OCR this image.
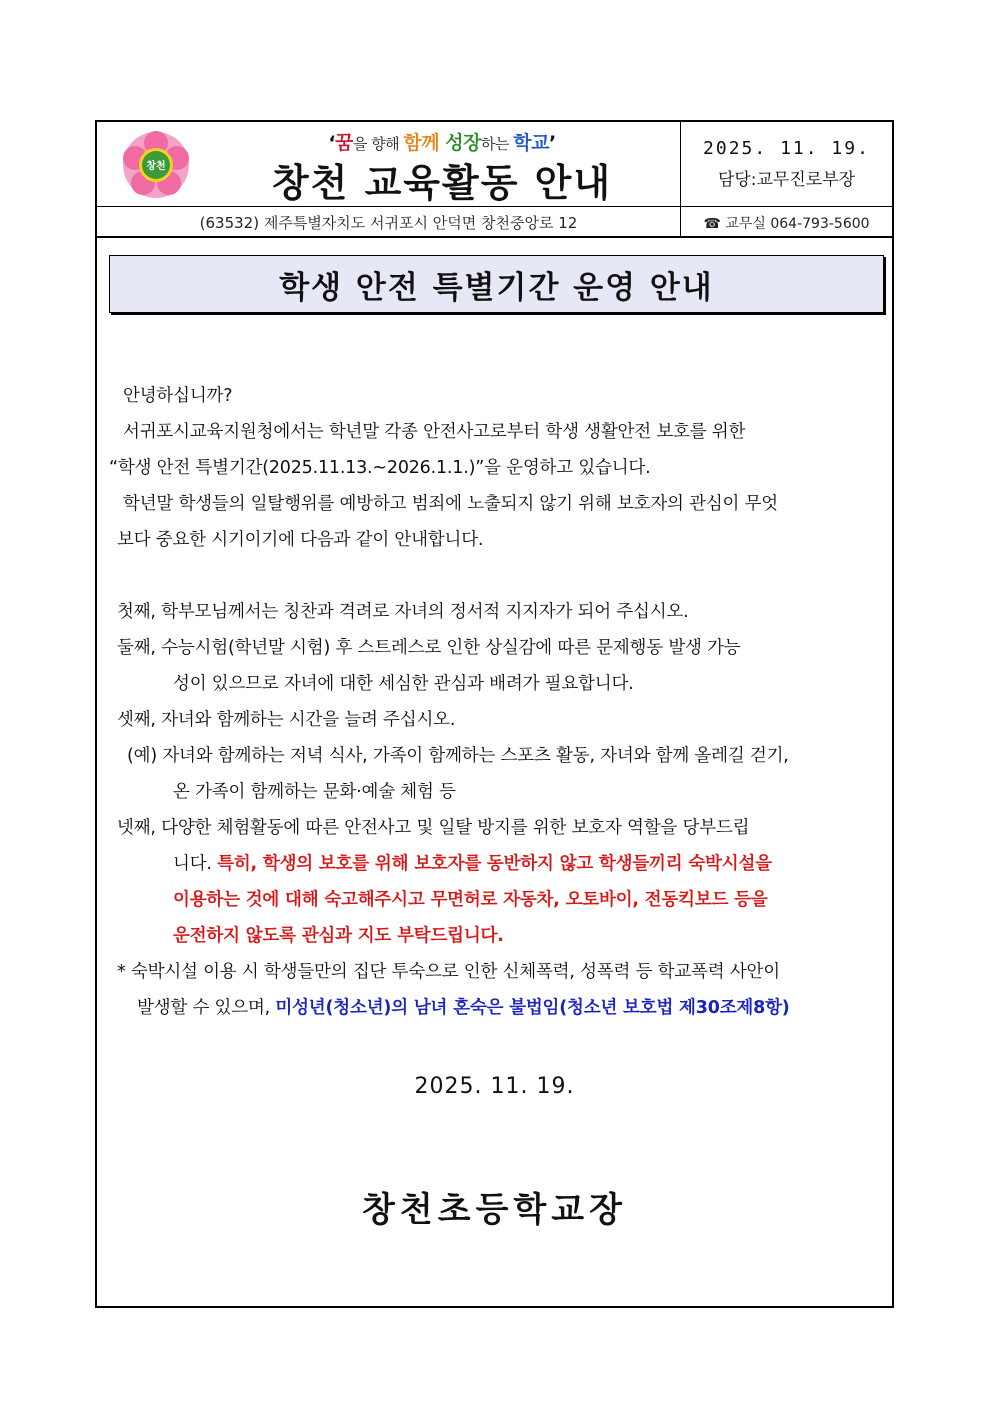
창천
‘꿈을 향해 함께 성장하는 학교’
창천 교육활동 안내
2025. 11. 19.
담당:교무진로부장
(63532) 제주특별자치도 서귀포시 안덕면 창천중앙로 12	☎ 교무실 064-793-5600
학생 안전 특별기간 운영 안내
안녕하십니까?
서귀포시교육지원청에서는 학년말 각종 안전사고로부터 학생 생활안전 보호를 위한
“학생 안전 특별기간(2025.11.13.~2026.1.1.)”을 운영하고 있습니다.
학년말 학생들의 일탈행위를 예방하고 범죄에 노출되지 않기 위해 보호자의 관심이 무엇
보다 중요한 시기이기에 다음과 같이 안내합니다.
첫째, 학부모님께서는 칭찬과 격려로 자녀의 정서적 지지자가 되어 주십시오.
둘째, 수능시험(학년말 시험) 후 스트레스로 인한 상실감에 따른 문제행동 발생 가능
성이 있으므로 자녀에 대한 세심한 관심과 배려가 필요합니다.
셋째, 자녀와 함께하는 시간을 늘려 주십시오.
(예) 자녀와 함께하는 저녁 식사, 가족이 함께하는 스포츠 활동, 자녀와 함께 올레길 걷기,
온 가족이 함께하는 문화·예술 체험 등
넷째, 다양한 체험활동에 따른 안전사고 및 일탈 방지를 위한 보호자 역할을 당부드립
니다. 특히, 학생의 보호를 위해 보호자를 동반하지 않고 학생들끼리 숙박시설을
이용하는 것에 대해 숙고해주시고 무면허로 자동차, 오토바이, 전동킥보드 등을
운전하지 않도록 관심과 지도 부탁드립니다.
* 숙박시설 이용 시 학생들만의 집단 투숙으로 인한 신체폭력, 성폭력 등 학교폭력 사안이
발생할 수 있으며, 미성년(청소년)의 남녀 혼숙은 불법임(청소년 보호법 제30조제8항)
2025. 11. 19.
창천초등학교장
